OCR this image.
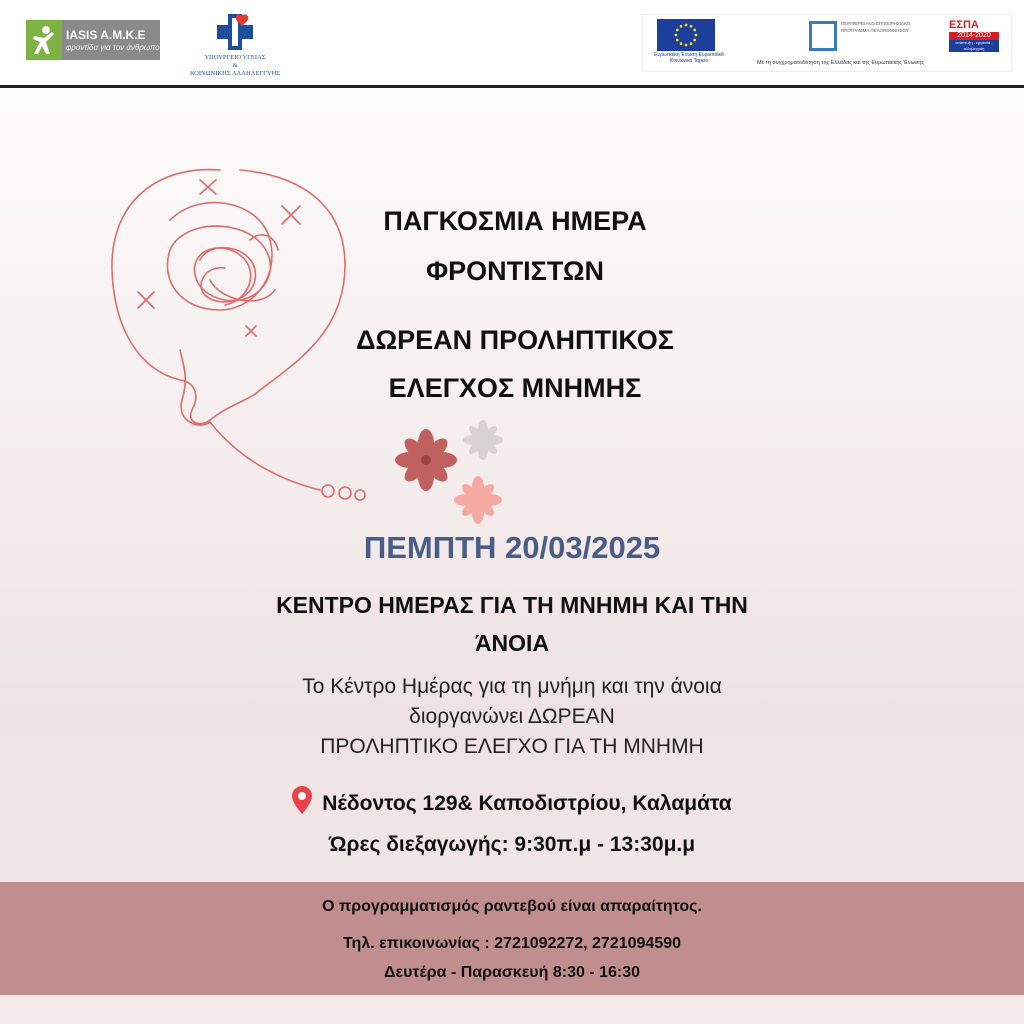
IASIS A.M.K.E
φροντίδα για τον άνθρωπο
ΥΠΟΥΡΓΕΙΟ ΥΓΕΙΑΣ
&
ΚΟΙΝΩΝΙΚΗΣ ΑΛΛΗΛΕΓΓΥΗΣ
Ευρωπαϊκή Ένωση Ευρωπαϊκό Κοινωνικό Ταμείο
ΠΕΡΙΦΕΡΕΙΑΚΟ ΕΠΙΧΕΙΡΗΣΙΑΚΟ ΠΡΟΓΡΑΜΜΑ ΠΕΛΟΠΟΝΝΗΣΟΥ	ΕΣΠΑ
2014-2020
ανάπτυξη - εργασία - αλληλεγγύη
Με τη συγχρηματοδότηση της Ελλάδας και της Ευρωπαϊκής Ένωσης
ΠΑΓΚΟΣΜΙΑ ΗΜΕΡΑ
ΦΡΟΝΤΙΣΤΩΝ
ΔΩΡΕΑΝ ΠΡΟΛΗΠΤΙΚΟΣ
ΕΛΕΓΧΟΣ ΜΝΗΜΗΣ
ΠΕΜΠΤΗ 20/03/2025
ΚΕΝΤΡΟ ΗΜΕΡΑΣ ΓΙΑ ΤΗ ΜΝΗΜΗ ΚΑΙ ΤΗΝ
ΆΝΟΙΑ
Το Κέντρο Ημέρας για τη μνήμη και την άνοια
διοργανώνει ΔΩΡΕΑΝ
ΠΡΟΛΗΠΤΙΚΟ ΕΛΕΓΧΟ ΓΙΑ ΤΗ ΜΝΗΜΗ
Νέδοντος 129& Καποδιστρίου, Καλαμάτα
Ώρες διεξαγωγής: 9:30π.μ - 13:30μ.μ

Ο προγραμματισμός ραντεβού είναι απαραίτητος.

Τηλ. επικοινωνίας : 2721092272, 2721094590

Δευτέρα - Παρασκευή 8:30 - 16:30
